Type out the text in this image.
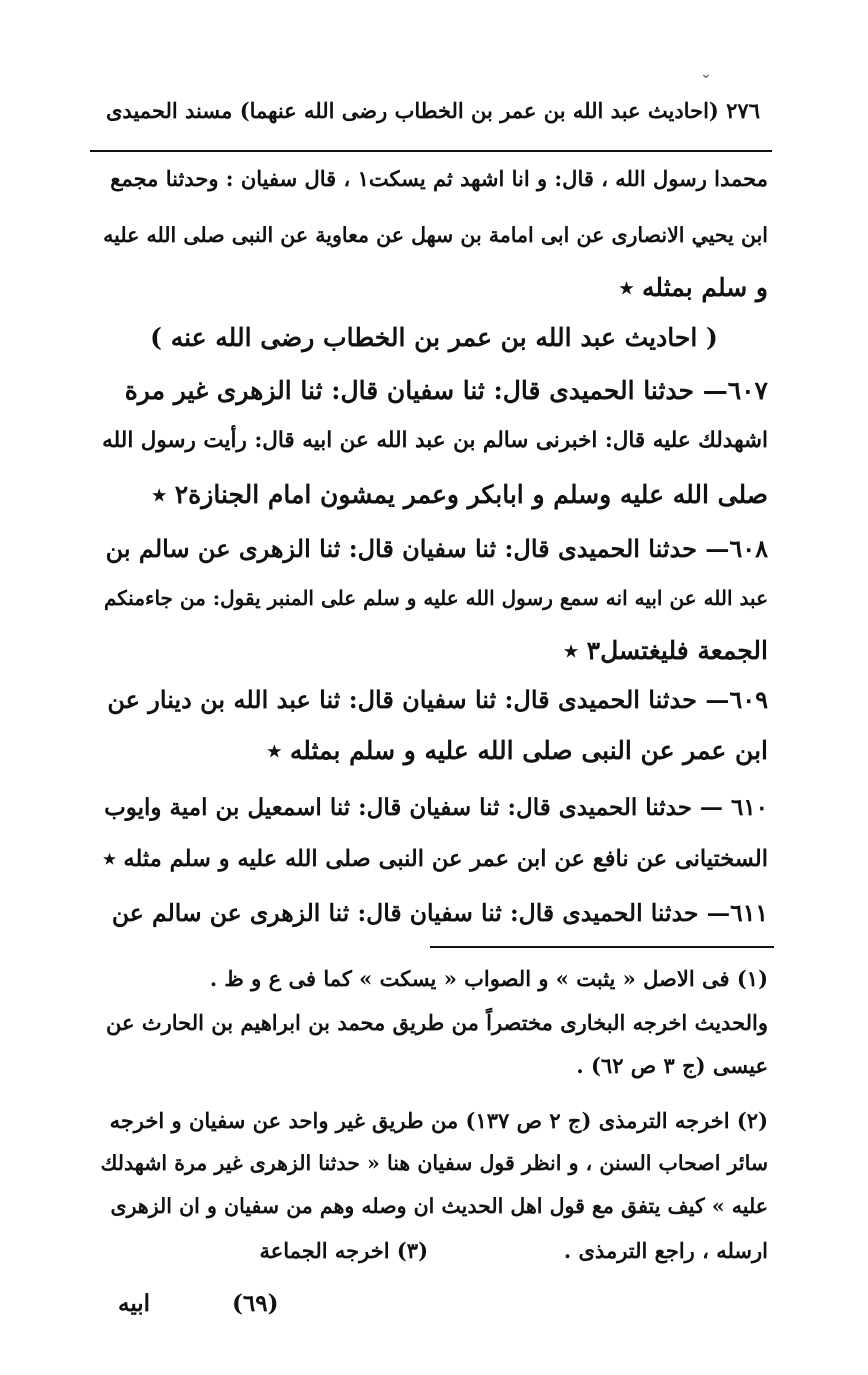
⌄
٢٧٦ (احاديث عبد الله بن عمر بن الخطاب رضى الله عنهما) مسند الحميدى
محمدا رسول الله ، قال: و انا اشهد ثم يسكت١ ، قال سفيان : وحدثنا مجمع
ابن يحيي الانصارى عن ابى امامة بن سهل عن معاوية عن النبى صلى الله عليه
و سلم بمثله ٭
( احاديث عبد الله بن عمر بن الخطاب رضى الله عنه )
٦٠٧— حدثنا الحميدى قال: ثنا سفيان قال: ثنا الزهرى غير مرة
اشهدلك عليه قال: اخبرنى سالم بن عبد الله عن ابيه قال: رأيت رسول الله
صلى الله عليه وسلم و ابابكر وعمر يمشون امام الجنازة٢ ٭
٦٠٨— حدثنا الحميدى قال: ثنا سفيان قال: ثنا الزهرى عن سالم بن
عبد الله عن ابيه انه سمع رسول الله عليه و سلم على المنبر يقول: من جاءمنكم
الجمعة فليغتسل٣ ٭
٦٠٩— حدثنا الحميدى قال: ثنا سفيان قال: ثنا عبد الله بن دينار عن
ابن عمر عن النبى صلى الله عليه و سلم بمثله ٭
٦١٠ — حدثنا الحميدى قال: ثنا سفيان قال: ثنا اسمعيل بن امية وايوب
السختيانى عن نافع عن ابن عمر عن النبى صلى الله عليه و سلم مثله ٭
٦١١— حدثنا الحميدى قال: ثنا سفيان قال: ثنا الزهرى عن سالم عن
(١) فى الاصل « يثبت » و الصواب « يسكت » كما فى ع و ظ .
والحديث اخرجه البخارى مختصراً من طريق محمد بن ابراهيم بن الحارث عن
عيسى (ج ٣ ص ٦٢) .
(٢) اخرجه الترمذى (ج ٢ ص ١٣٧) من طريق غير واحد عن سفيان و اخرجه
سائر اصحاب السنن ، و انظر قول سفيان هنا « حدثنا الزهرى غير مرة اشهدلك
عليه » كيف يتفق مع قول اهل الحديث ان وصله وهم من سفيان و ان الزهرى
ارسله ، راجع الترمذى .
(٣) اخرجه الجماعة
(٦٩)
ابيه
